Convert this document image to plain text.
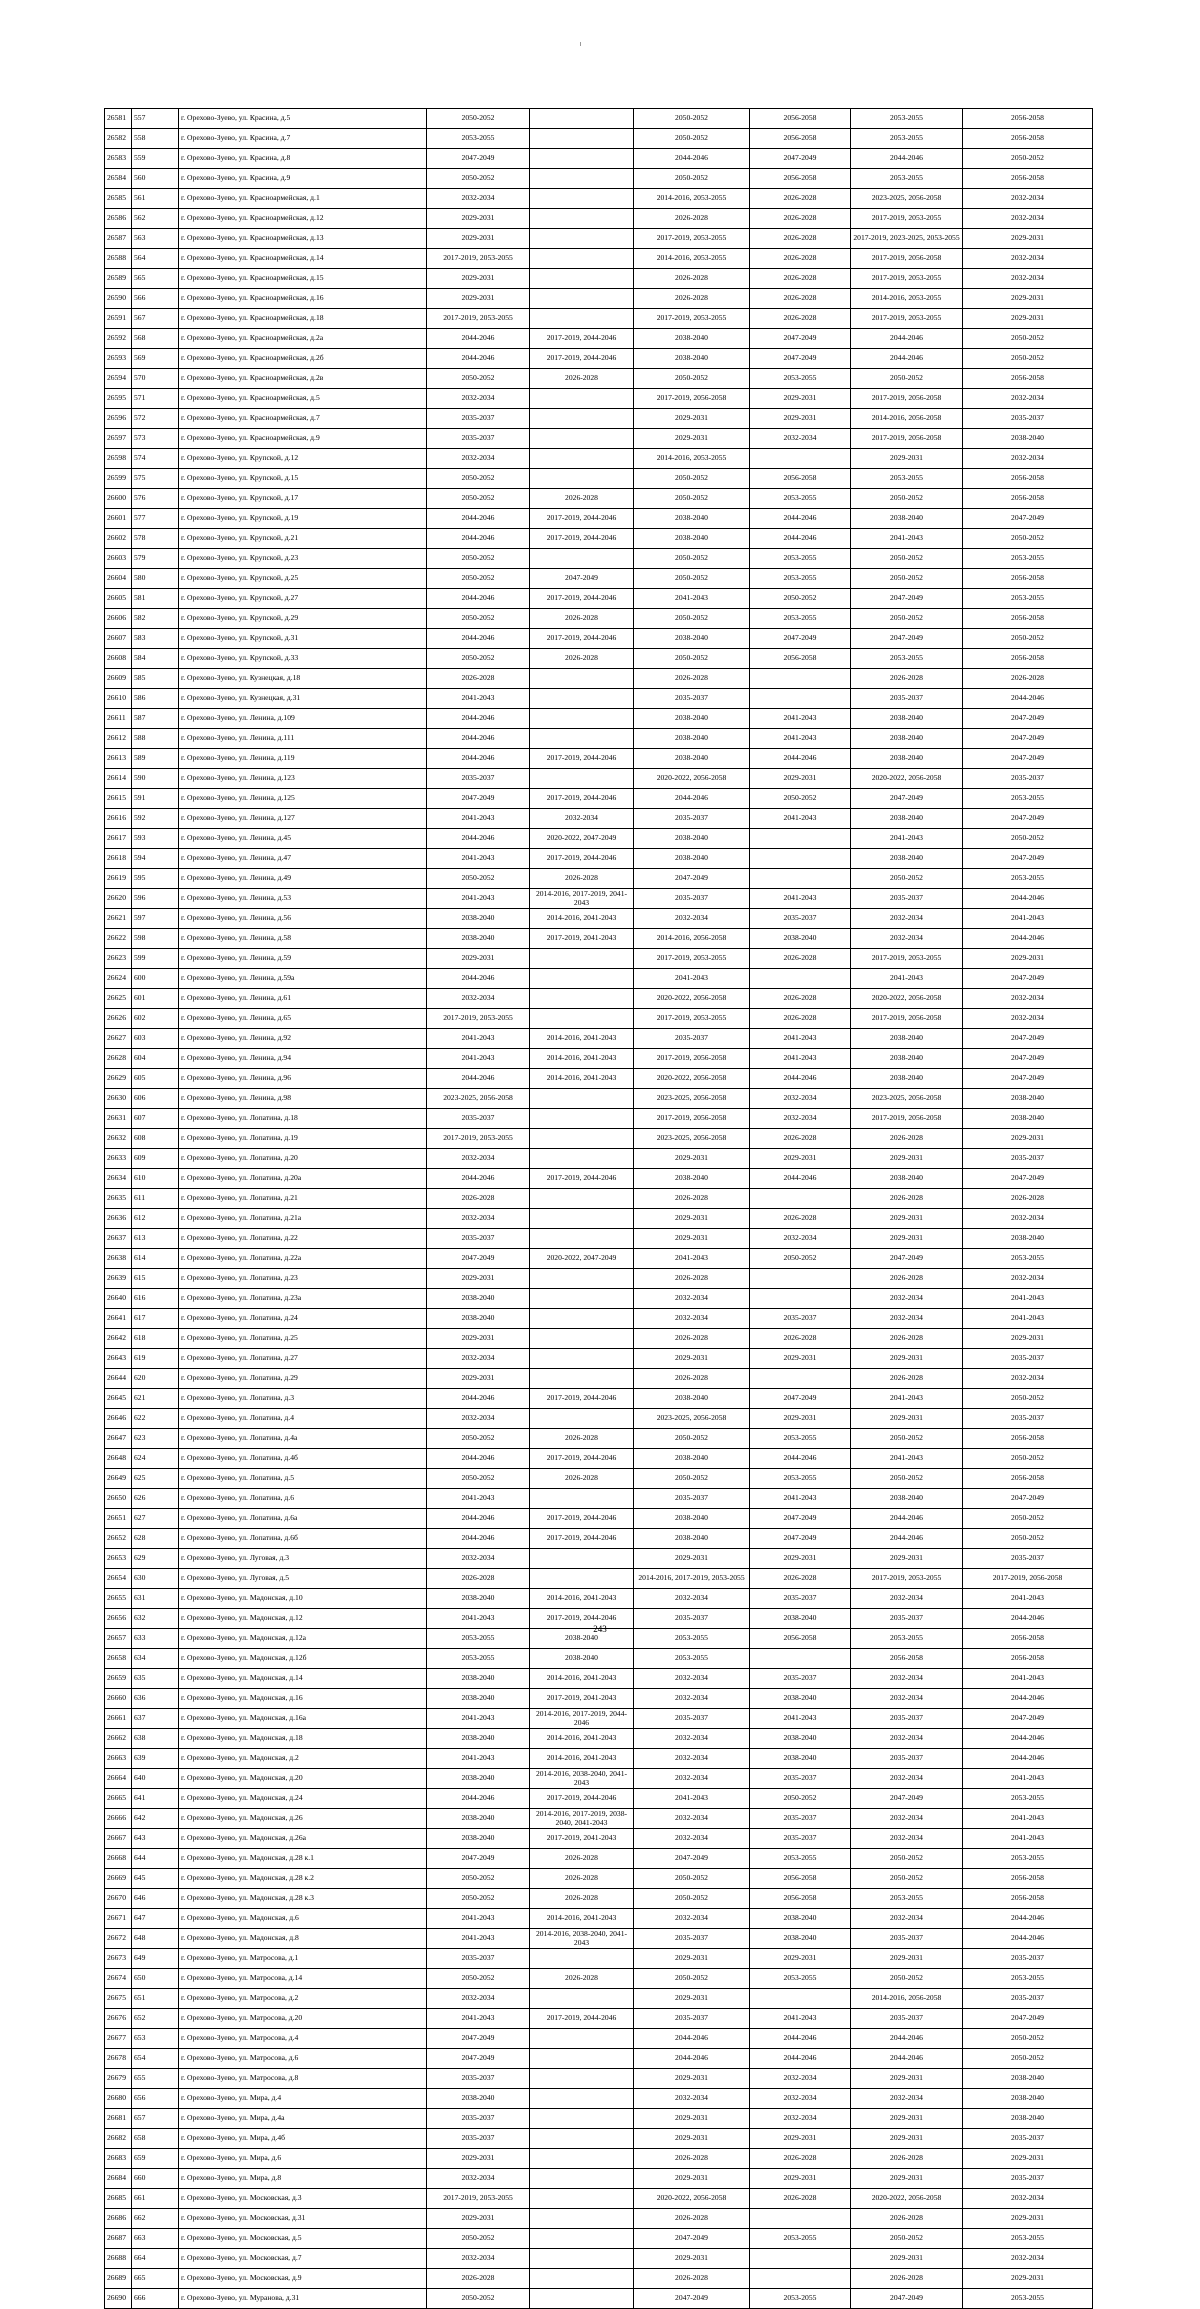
26581	557	г. Орехово-Зуево, ул. Красина, д.5	2050-2052		2050-2052	2056-2058	2053-2055	2056-2058
26582	558	г. Орехово-Зуево, ул. Красина, д.7	2053-2055		2050-2052	2056-2058	2053-2055	2056-2058
26583	559	г. Орехово-Зуево, ул. Красина, д.8	2047-2049		2044-2046	2047-2049	2044-2046	2050-2052
26584	560	г. Орехово-Зуево, ул. Красина, д.9	2050-2052		2050-2052	2056-2058	2053-2055	2056-2058
26585	561	г. Орехово-Зуево, ул. Красноармейская, д.1	2032-2034		2014-2016, 2053-2055	2026-2028	2023-2025, 2056-2058	2032-2034
26586	562	г. Орехово-Зуево, ул. Красноармейская, д.12	2029-2031		2026-2028	2026-2028	2017-2019, 2053-2055	2032-2034
26587	563	г. Орехово-Зуево, ул. Красноармейская, д.13	2029-2031		2017-2019, 2053-2055	2026-2028	2017-2019, 2023-2025, 2053-2055	2029-2031
26588	564	г. Орехово-Зуево, ул. Красноармейская, д.14	2017-2019, 2053-2055		2014-2016, 2053-2055	2026-2028	2017-2019, 2056-2058	2032-2034
26589	565	г. Орехово-Зуево, ул. Красноармейская, д.15	2029-2031		2026-2028	2026-2028	2017-2019, 2053-2055	2032-2034
26590	566	г. Орехово-Зуево, ул. Красноармейская, д.16	2029-2031		2026-2028	2026-2028	2014-2016, 2053-2055	2029-2031
26591	567	г. Орехово-Зуево, ул. Красноармейская, д.18	2017-2019, 2053-2055		2017-2019, 2053-2055	2026-2028	2017-2019, 2053-2055	2029-2031
26592	568	г. Орехово-Зуево, ул. Красноармейская, д.2а	2044-2046	2017-2019, 2044-2046	2038-2040	2047-2049	2044-2046	2050-2052
26593	569	г. Орехово-Зуево, ул. Красноармейская, д.2б	2044-2046	2017-2019, 2044-2046	2038-2040	2047-2049	2044-2046	2050-2052
26594	570	г. Орехово-Зуево, ул. Красноармейская, д.2в	2050-2052	2026-2028	2050-2052	2053-2055	2050-2052	2056-2058
26595	571	г. Орехово-Зуево, ул. Красноармейская, д.5	2032-2034		2017-2019, 2056-2058	2029-2031	2017-2019, 2056-2058	2032-2034
26596	572	г. Орехово-Зуево, ул. Красноармейская, д.7	2035-2037		2029-2031	2029-2031	2014-2016, 2056-2058	2035-2037
26597	573	г. Орехово-Зуево, ул. Красноармейская, д.9	2035-2037		2029-2031	2032-2034	2017-2019, 2056-2058	2038-2040
26598	574	г. Орехово-Зуево, ул. Крупской, д.12	2032-2034		2014-2016, 2053-2055		2029-2031	2032-2034
26599	575	г. Орехово-Зуево, ул. Крупской, д.15	2050-2052		2050-2052	2056-2058	2053-2055	2056-2058
26600	576	г. Орехово-Зуево, ул. Крупской, д.17	2050-2052	2026-2028	2050-2052	2053-2055	2050-2052	2056-2058
26601	577	г. Орехово-Зуево, ул. Крупской, д.19	2044-2046	2017-2019, 2044-2046	2038-2040	2044-2046	2038-2040	2047-2049
26602	578	г. Орехово-Зуево, ул. Крупской, д.21	2044-2046	2017-2019, 2044-2046	2038-2040	2044-2046	2041-2043	2050-2052
26603	579	г. Орехово-Зуево, ул. Крупской, д.23	2050-2052		2050-2052	2053-2055	2050-2052	2053-2055
26604	580	г. Орехово-Зуево, ул. Крупской, д.25	2050-2052	2047-2049	2050-2052	2053-2055	2050-2052	2056-2058
26605	581	г. Орехово-Зуево, ул. Крупской, д.27	2044-2046	2017-2019, 2044-2046	2041-2043	2050-2052	2047-2049	2053-2055
26606	582	г. Орехово-Зуево, ул. Крупской, д.29	2050-2052	2026-2028	2050-2052	2053-2055	2050-2052	2056-2058
26607	583	г. Орехово-Зуево, ул. Крупской, д.31	2044-2046	2017-2019, 2044-2046	2038-2040	2047-2049	2047-2049	2050-2052
26608	584	г. Орехово-Зуево, ул. Крупской, д.33	2050-2052	2026-2028	2050-2052	2056-2058	2053-2055	2056-2058
26609	585	г. Орехово-Зуево, ул. Кузнецкая, д.18	2026-2028		2026-2028		2026-2028	2026-2028
26610	586	г. Орехово-Зуево, ул. Кузнецкая, д.31	2041-2043		2035-2037		2035-2037	2044-2046
26611	587	г. Орехово-Зуево, ул. Ленина, д.109	2044-2046		2038-2040	2041-2043	2038-2040	2047-2049
26612	588	г. Орехово-Зуево, ул. Ленина, д.111	2044-2046		2038-2040	2041-2043	2038-2040	2047-2049
26613	589	г. Орехово-Зуево, ул. Ленина, д.119	2044-2046	2017-2019, 2044-2046	2038-2040	2044-2046	2038-2040	2047-2049
26614	590	г. Орехово-Зуево, ул. Ленина, д.123	2035-2037		2020-2022, 2056-2058	2029-2031	2020-2022, 2056-2058	2035-2037
26615	591	г. Орехово-Зуево, ул. Ленина, д.125	2047-2049	2017-2019, 2044-2046	2044-2046	2050-2052	2047-2049	2053-2055
26616	592	г. Орехово-Зуево, ул. Ленина, д.127	2041-2043	2032-2034	2035-2037	2041-2043	2038-2040	2047-2049
26617	593	г. Орехово-Зуево, ул. Ленина, д.45	2044-2046	2020-2022, 2047-2049	2038-2040		2041-2043	2050-2052
26618	594	г. Орехово-Зуево, ул. Ленина, д.47	2041-2043	2017-2019, 2044-2046	2038-2040		2038-2040	2047-2049
26619	595	г. Орехово-Зуево, ул. Ленина, д.49	2050-2052	2026-2028	2047-2049		2050-2052	2053-2055
26620	596	г. Орехово-Зуево, ул. Ленина, д.53	2041-2043	2014-2016, 2017-2019, 2041-2043	2035-2037	2041-2043	2035-2037	2044-2046
26621	597	г. Орехово-Зуево, ул. Ленина, д.56	2038-2040	2014-2016, 2041-2043	2032-2034	2035-2037	2032-2034	2041-2043
26622	598	г. Орехово-Зуево, ул. Ленина, д.58	2038-2040	2017-2019, 2041-2043	2014-2016, 2056-2058	2038-2040	2032-2034	2044-2046
26623	599	г. Орехово-Зуево, ул. Ленина, д.59	2029-2031		2017-2019, 2053-2055	2026-2028	2017-2019, 2053-2055	2029-2031
26624	600	г. Орехово-Зуево, ул. Ленина, д.59а	2044-2046		2041-2043		2041-2043	2047-2049
26625	601	г. Орехово-Зуево, ул. Ленина, д.61	2032-2034		2020-2022, 2056-2058	2026-2028	2020-2022, 2056-2058	2032-2034
26626	602	г. Орехово-Зуево, ул. Ленина, д.65	2017-2019, 2053-2055		2017-2019, 2053-2055	2026-2028	2017-2019, 2056-2058	2032-2034
26627	603	г. Орехово-Зуево, ул. Ленина, д.92	2041-2043	2014-2016, 2041-2043	2035-2037	2041-2043	2038-2040	2047-2049
26628	604	г. Орехово-Зуево, ул. Ленина, д.94	2041-2043	2014-2016, 2041-2043	2017-2019, 2056-2058	2041-2043	2038-2040	2047-2049
26629	605	г. Орехово-Зуево, ул. Ленина, д.96	2044-2046	2014-2016, 2041-2043	2020-2022, 2056-2058	2044-2046	2038-2040	2047-2049
26630	606	г. Орехово-Зуево, ул. Ленина, д.98	2023-2025, 2056-2058		2023-2025, 2056-2058	2032-2034	2023-2025, 2056-2058	2038-2040
26631	607	г. Орехово-Зуево, ул. Лопатина, д.18	2035-2037		2017-2019, 2056-2058	2032-2034	2017-2019, 2056-2058	2038-2040
26632	608	г. Орехово-Зуево, ул. Лопатина, д.19	2017-2019, 2053-2055		2023-2025, 2056-2058	2026-2028	2026-2028	2029-2031
26633	609	г. Орехово-Зуево, ул. Лопатина, д.20	2032-2034		2029-2031	2029-2031	2029-2031	2035-2037
26634	610	г. Орехово-Зуево, ул. Лопатина, д.20а	2044-2046	2017-2019, 2044-2046	2038-2040	2044-2046	2038-2040	2047-2049
26635	611	г. Орехово-Зуево, ул. Лопатина, д.21	2026-2028		2026-2028		2026-2028	2026-2028
26636	612	г. Орехово-Зуево, ул. Лопатина, д.21а	2032-2034		2029-2031	2026-2028	2029-2031	2032-2034
26637	613	г. Орехово-Зуево, ул. Лопатина, д.22	2035-2037		2029-2031	2032-2034	2029-2031	2038-2040
26638	614	г. Орехово-Зуево, ул. Лопатина, д.22а	2047-2049	2020-2022, 2047-2049	2041-2043	2050-2052	2047-2049	2053-2055
26639	615	г. Орехово-Зуево, ул. Лопатина, д.23	2029-2031		2026-2028		2026-2028	2032-2034
26640	616	г. Орехово-Зуево, ул. Лопатина, д.23а	2038-2040		2032-2034		2032-2034	2041-2043
26641	617	г. Орехово-Зуево, ул. Лопатина, д.24	2038-2040		2032-2034	2035-2037	2032-2034	2041-2043
26642	618	г. Орехово-Зуево, ул. Лопатина, д.25	2029-2031		2026-2028	2026-2028	2026-2028	2029-2031
26643	619	г. Орехово-Зуево, ул. Лопатина, д.27	2032-2034		2029-2031	2029-2031	2029-2031	2035-2037
26644	620	г. Орехово-Зуево, ул. Лопатина, д.29	2029-2031		2026-2028		2026-2028	2032-2034
26645	621	г. Орехово-Зуево, ул. Лопатина, д.3	2044-2046	2017-2019, 2044-2046	2038-2040	2047-2049	2041-2043	2050-2052
26646	622	г. Орехово-Зуево, ул. Лопатина, д.4	2032-2034		2023-2025, 2056-2058	2029-2031	2029-2031	2035-2037
26647	623	г. Орехово-Зуево, ул. Лопатина, д.4а	2050-2052	2026-2028	2050-2052	2053-2055	2050-2052	2056-2058
26648	624	г. Орехово-Зуево, ул. Лопатина, д.4б	2044-2046	2017-2019, 2044-2046	2038-2040	2044-2046	2041-2043	2050-2052
26649	625	г. Орехово-Зуево, ул. Лопатина, д.5	2050-2052	2026-2028	2050-2052	2053-2055	2050-2052	2056-2058
26650	626	г. Орехово-Зуево, ул. Лопатина, д.6	2041-2043		2035-2037	2041-2043	2038-2040	2047-2049
26651	627	г. Орехово-Зуево, ул. Лопатина, д.6а	2044-2046	2017-2019, 2044-2046	2038-2040	2047-2049	2044-2046	2050-2052
26652	628	г. Орехово-Зуево, ул. Лопатина, д.6б	2044-2046	2017-2019, 2044-2046	2038-2040	2047-2049	2044-2046	2050-2052
26653	629	г. Орехово-Зуево, ул. Луговая, д.3	2032-2034		2029-2031	2029-2031	2029-2031	2035-2037
26654	630	г. Орехово-Зуево, ул. Луговая, д.5	2026-2028		2014-2016, 2017-2019, 2053-2055	2026-2028	2017-2019, 2053-2055	2017-2019, 2056-2058
26655	631	г. Орехово-Зуево, ул. Мадонская, д.10	2038-2040	2014-2016, 2041-2043	2032-2034	2035-2037	2032-2034	2041-2043
26656	632	г. Орехово-Зуево, ул. Мадонская, д.12	2041-2043	2017-2019, 2044-2046	2035-2037	2038-2040	2035-2037	2044-2046
26657	633	г. Орехово-Зуево, ул. Мадонская, д.12а	2053-2055	2038-2040	2053-2055	2056-2058	2053-2055	2056-2058
26658	634	г. Орехово-Зуево, ул. Мадонская, д.12б	2053-2055	2038-2040	2053-2055		2056-2058	2056-2058
26659	635	г. Орехово-Зуево, ул. Мадонская, д.14	2038-2040	2014-2016, 2041-2043	2032-2034	2035-2037	2032-2034	2041-2043
26660	636	г. Орехово-Зуево, ул. Мадонская, д.16	2038-2040	2017-2019, 2041-2043	2032-2034	2038-2040	2032-2034	2044-2046
26661	637	г. Орехово-Зуево, ул. Мадонская, д.16а	2041-2043	2014-2016, 2017-2019, 2044-2046	2035-2037	2041-2043	2035-2037	2047-2049
26662	638	г. Орехово-Зуево, ул. Мадонская, д.18	2038-2040	2014-2016, 2041-2043	2032-2034	2038-2040	2032-2034	2044-2046
26663	639	г. Орехово-Зуево, ул. Мадонская, д.2	2041-2043	2014-2016, 2041-2043	2032-2034	2038-2040	2035-2037	2044-2046
26664	640	г. Орехово-Зуево, ул. Мадонская, д.20	2038-2040	2014-2016, 2038-2040, 2041-2043	2032-2034	2035-2037	2032-2034	2041-2043
26665	641	г. Орехово-Зуево, ул. Мадонская, д.24	2044-2046	2017-2019, 2044-2046	2041-2043	2050-2052	2047-2049	2053-2055
26666	642	г. Орехово-Зуево, ул. Мадонская, д.26	2038-2040	2014-2016, 2017-2019, 2038-2040, 2041-2043	2032-2034	2035-2037	2032-2034	2041-2043
26667	643	г. Орехово-Зуево, ул. Мадонская, д.26а	2038-2040	2017-2019, 2041-2043	2032-2034	2035-2037	2032-2034	2041-2043
26668	644	г. Орехово-Зуево, ул. Мадонская, д.28 к.1	2047-2049	2026-2028	2047-2049	2053-2055	2050-2052	2053-2055
26669	645	г. Орехово-Зуево, ул. Мадонская, д.28 к.2	2050-2052	2026-2028	2050-2052	2056-2058	2050-2052	2056-2058
26670	646	г. Орехово-Зуево, ул. Мадонская, д.28 к.3	2050-2052	2026-2028	2050-2052	2056-2058	2053-2055	2056-2058
26671	647	г. Орехово-Зуево, ул. Мадонская, д.6	2041-2043	2014-2016, 2041-2043	2032-2034	2038-2040	2032-2034	2044-2046
26672	648	г. Орехово-Зуево, ул. Мадонская, д.8	2041-2043	2014-2016, 2038-2040, 2041-2043	2035-2037	2038-2040	2035-2037	2044-2046
26673	649	г. Орехово-Зуево, ул. Матросова, д.1	2035-2037		2029-2031	2029-2031	2029-2031	2035-2037
26674	650	г. Орехово-Зуево, ул. Матросова, д.14	2050-2052	2026-2028	2050-2052	2053-2055	2050-2052	2053-2055
26675	651	г. Орехово-Зуево, ул. Матросова, д.2	2032-2034		2029-2031		2014-2016, 2056-2058	2035-2037
26676	652	г. Орехово-Зуево, ул. Матросова, д.20	2041-2043	2017-2019, 2044-2046	2035-2037	2041-2043	2035-2037	2047-2049
26677	653	г. Орехово-Зуево, ул. Матросова, д.4	2047-2049		2044-2046	2044-2046	2044-2046	2050-2052
26678	654	г. Орехово-Зуево, ул. Матросова, д.6	2047-2049		2044-2046	2044-2046	2044-2046	2050-2052
26679	655	г. Орехово-Зуево, ул. Матросова, д.8	2035-2037		2029-2031	2032-2034	2029-2031	2038-2040
26680	656	г. Орехово-Зуево, ул. Мира, д.4	2038-2040		2032-2034	2032-2034	2032-2034	2038-2040
26681	657	г. Орехово-Зуево, ул. Мира, д.4а	2035-2037		2029-2031	2032-2034	2029-2031	2038-2040
26682	658	г. Орехово-Зуево, ул. Мира, д.4б	2035-2037		2029-2031	2029-2031	2029-2031	2035-2037
26683	659	г. Орехово-Зуево, ул. Мира, д.6	2029-2031		2026-2028	2026-2028	2026-2028	2029-2031
26684	660	г. Орехово-Зуево, ул. Мира, д.8	2032-2034		2029-2031	2029-2031	2029-2031	2035-2037
26685	661	г. Орехово-Зуево, ул. Московская, д.3	2017-2019, 2053-2055		2020-2022, 2056-2058	2026-2028	2020-2022, 2056-2058	2032-2034
26686	662	г. Орехово-Зуево, ул. Московская, д.31	2029-2031		2026-2028		2026-2028	2029-2031
26687	663	г. Орехово-Зуево, ул. Московская, д.5	2050-2052		2047-2049	2053-2055	2050-2052	2053-2055
26688	664	г. Орехово-Зуево, ул. Московская, д.7	2032-2034		2029-2031		2029-2031	2032-2034
26689	665	г. Орехово-Зуево, ул. Московская, д.9	2026-2028		2026-2028		2026-2028	2029-2031
26690	666	г. Орехово-Зуево, ул. Муранова, д.31	2050-2052		2047-2049	2053-2055	2047-2049	2053-2055
243
